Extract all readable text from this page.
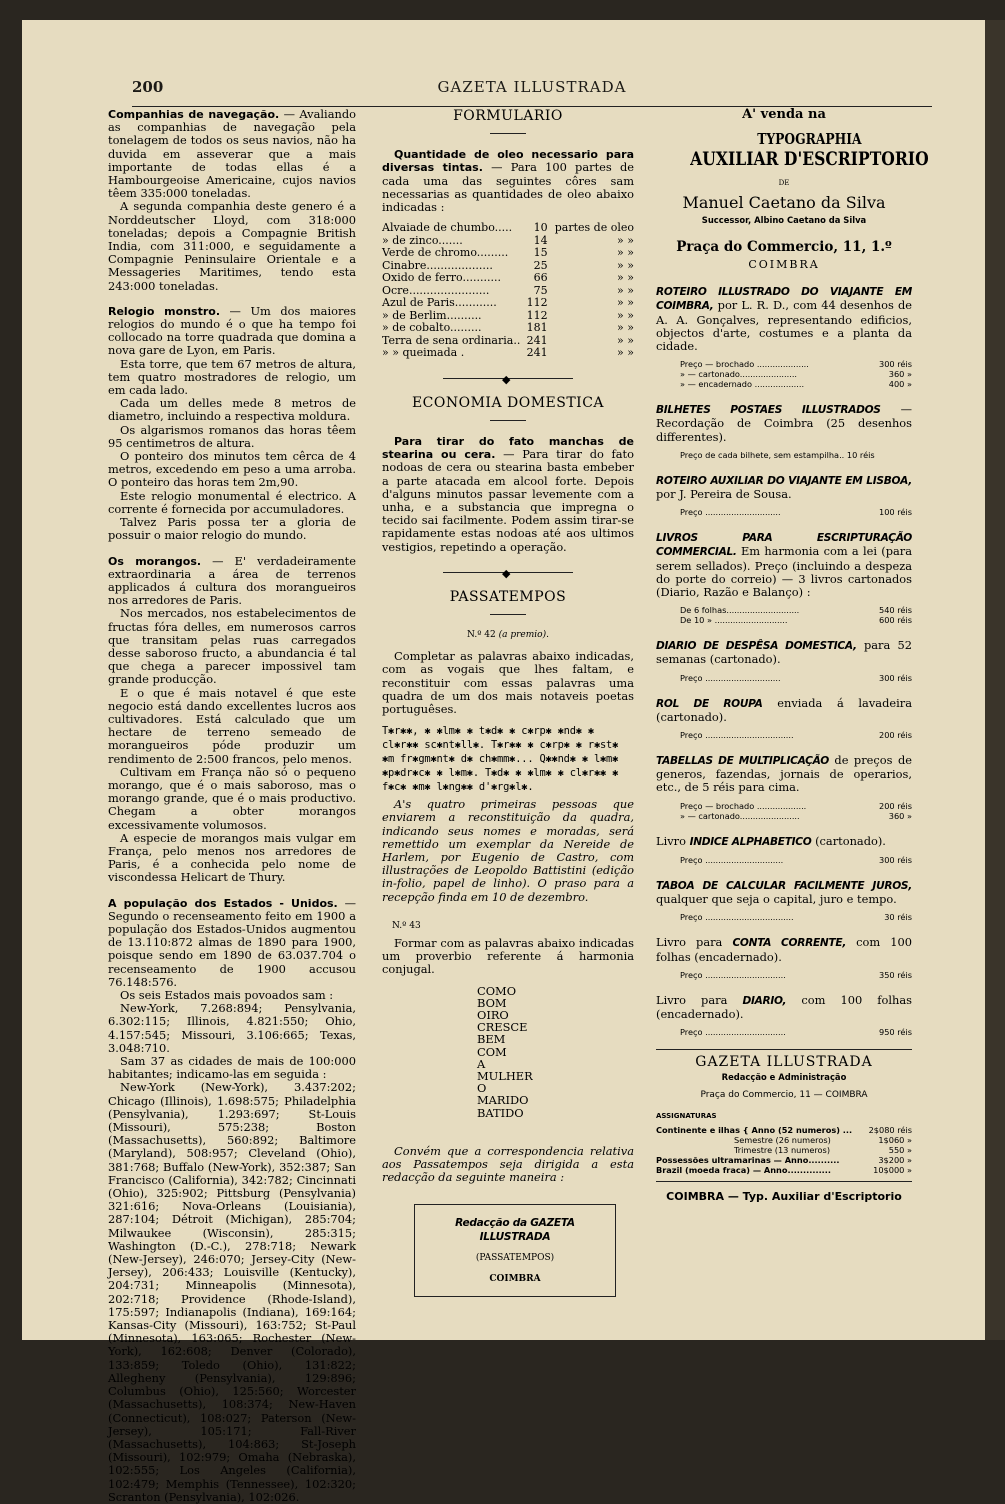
200	GAZETA ILLUSTRADA

Companhias de navegação. — Avaliando as companhias de navegação pela tonelagem de todos os seus navios, não ha duvida em asseverar que a mais importante de todas ellas é a Hambourgeoise Americaine, cujos navios têem 335:000 toneladas.

A segunda companhia deste genero é a Norddeutscher Lloyd, com 318:000 toneladas; depois a Compagnie British India, com 311:000, e seguidamente a Compagnie Peninsulaire Orientale e a Messageries Maritimes, tendo esta 243:000 toneladas.

Relogio monstro. — Um dos maiores relogios do mundo é o que ha tempo foi collocado na torre quadrada que domina a nova gare de Lyon, em Paris.

Esta torre, que tem 67 metros de altura, tem quatro mostradores de relogio, um em cada lado.

Cada um delles mede 8 metros de diametro, incluindo a respectiva moldura.

Os algarismos romanos das horas têem 95 centimetros de altura.

O ponteiro dos minutos tem cêrca de 4 metros, excedendo em peso a uma arroba. O ponteiro das horas tem 2m,90.

Este relogio monumental é electrico. A corrente é fornecida por accumuladores.

Talvez Paris possa ter a gloria de possuir o maior relogio do mundo.

Os morangos. — E' verdadeiramente extraordinaria a área de terrenos applicados á cultura dos morangueiros nos arredores de Paris.

Nos mercados, nos estabelecimentos de fructas fóra delles, em numerosos carros que transitam pelas ruas carregados desse saboroso fructo, a abundancia é tal que chega a parecer impossivel tam grande producção.

E o que é mais notavel é que este negocio está dando excellentes lucros aos cultivadores. Está calculado que um hectare de terreno semeado de morangueiros póde produzir um rendimento de 2:500 francos, pelo menos.

Cultivam em França não só o pequeno morango, que é o mais saboroso, mas o morango grande, que é o mais productivo. Chegam a obter morangos excessivamente volumosos.

A especie de morangos mais vulgar em França, pelo menos nos arredores de Paris, é a conhecida pelo nome de viscondessa Helicart de Thury.

A população dos Estados - Unidos. — Segundo o recenseamento feito em 1900 a população dos Estados-Unidos augmentou de 13.110:872 almas de 1890 para 1900, poisque sendo em 1890 de 63.037.704 o recenseamento de 1900 accusou 76.148:576.

Os seis Estados mais povoados sam :

New-York, 7.268:894; Pensylvania, 6.302:115; Illinois, 4.821:550; Ohio, 4.157:545; Missouri, 3.106:665; Texas, 3.048:710.

Sam 37 as cidades de mais de 100:000 habitantes; indicamo-las em seguida :

New-York (New-York), 3.437:202; Chicago (Illinois), 1.698:575; Philadelphia (Pensylvania), 1.293:697; St-Louis (Missouri), 575:238; Boston (Massachusetts), 560:892; Baltimore (Maryland), 508:957; Cleveland (Ohio), 381:768; Buffalo (New-York), 352:387; San Francisco (California), 342:782; Cincinnati (Ohio), 325:902; Pittsburg (Pensylvania) 321:616; Nova-Orleans (Louisiania), 287:104; Détroit (Michigan), 285:704; Milwaukee (Wisconsin), 285:315; Washington (D.-C.), 278:718; Newark (New-Jersey), 246:070; Jersey-City (New-Jersey), 206:433; Louisville (Kentucky), 204:731; Minneapolis (Minnesota), 202:718; Providence (Rhode-Island), 175:597; Indianapolis (Indiana), 169:164; Kansas-City (Missouri), 163:752; St-Paul (Minnesota), 163:065; Rochester (New-York), 162:608; Denver (Colorado), 133:859; Toledo (Ohio), 131:822; Allegheny (Pensylvania), 129:896; Columbus (Ohio), 125:560; Worcester (Massachusetts), 108:374; New-Haven (Connecticut), 108:027; Paterson (New-Jersey), 105:171; Fall-River (Massachusetts), 104:863; St-Joseph (Missouri), 102:979; Omaha (Nebraska), 102:555; Los Angeles (California), 102:479; Memphis (Tennessee), 102:320; Scranton (Pensylvania), 102:026.

FORMULARIO

Quantidade de oleo necessario para diversas tintas. — Para 100 partes de cada uma das seguintes côres sam necessarias as quantidades de oleo abaixo indicadas :

Alvaiade de chumbo.....	10	partes de oleo
» de zinco.......	14	» »
Verde de chromo.........	15	» »
Cinabre...................	25	» »
Oxido de ferro...........	66	» »
Ocre.......................	75	» »
Azul de Paris............	112	» »
» de Berlim..........	112	» »
» de cobalto.........	181	» »
Terra de sena ordinaria..	241	» »
» » queimada .	241	» »
◆
ECONOMIA DOMESTICA

Para tirar do fato manchas de stearina ou cera. — Para tirar do fato nodoas de cera ou stearina basta embeber a parte atacada em alcool forte. Depois d'alguns minutos passar levemente com a unha, e a substancia que impregna o tecido sai facilmente. Podem assim tirar-se rapidamente estas nodoas até aos ultimos vestigios, repetindo a operação.

◆
PASSATEMPOS

N.º 42 (a premio).

Completar as palavras abaixo indicadas, com as vogais que lhes faltam, e reconstituir com essas palavras uma quadra de um dos mais notaveis poetas portuguêses.

T✱r✱✱, ✱ ✱lm✱ ✱ t✱d✱ ✱ c✱rp✱ ✱nd✱ ✱ cl✱r✱✱ sc✱nt✱ll✱. T✱r✱✱ ✱ c✱rp✱ ✱ r✱st✱ ✱m fr✱gm✱nt✱ d✱ ch✱mm✱... Q✱✱nd✱ ✱ l✱m✱ ✱p✱dr✱c✱ ✱ l✱m✱. T✱d✱ ✱ ✱lm✱ ✱ cl✱r✱✱ ✱ f✱c✱ ✱m✱ l✱ng✱✱ d'✱rg✱l✱.

A's quatro primeiras pessoas que enviarem a reconstituição da quadra, indicando seus nomes e moradas, será remettido um exemplar da Nereide de Harlem, por Eugenio de Castro, com illustrações de Leopoldo Battistini (edição in-folio, papel de linho). O praso para a recepção finda em 10 de dezembro.

N.º 43

Formar com as palavras abaixo indicadas um proverbio referente á harmonia conjugal.

COMO
BOM
OIRO
CRESCE
BEM
COM
A
MULHER
O
MARIDO
BATIDO

Convém que a correspondencia relativa aos Passatempos seja dirigida a esta redacção da seguinte maneira :

Redacção da GAZETA ILLUSTRADA
(PASSATEMPOS)
COIMBRA
A' venda na
TYPOGRAPHIA
AUXILIAR D'ESCRIPTORIO
DE
Manuel Caetano da Silva
Successor, Albino Caetano da Silva
Praça do Commercio, 11, 1.º
COIMBRA

ROTEIRO ILLUSTRADO DO VIAJANTE EM COIMBRA, por L. R. D., com 44 desenhos de A. A. Gonçalves, representando edificios, objectos d'arte, costumes e a planta da cidade.

Preço — brochado ....................	300 réis
» — cartonado......................	360 »
» — encadernado ...................	400 »

BILHETES POSTAES ILLUSTRADOS —Recordação de Coimbra (25 desenhos differentes).

Preço de cada bilhete, sem estampilha.. 10 réis

ROTEIRO AUXILIAR DO VIAJANTE EM LISBOA, por J. Pereira de Sousa.

Preço .............................	100 réis

LIVROS PARA ESCRIPTURAÇÃO COMMERCIAL. Em harmonia com a lei (para serem sellados). Preço (incluindo a despeza do porte do correio) — 3 livros cartonados (Diario, Razão e Balanço) :

De 6 folhas............................	540 réis
De 10 » ............................	600 réis

DIARIO DE DESPÊSA DOMESTICA, para 52 semanas (cartonado).

Preço .............................	300 réis

ROL DE ROUPA enviada á lavadeira (cartonado).

Preço ..................................	200 réis

TABELLAS DE MULTIPLICAÇÃO de preços de generos, fazendas, jornais de operarios, etc., de 5 réis para cima.

Preço — brochado ...................	200 réis
» — cartonado.......................	360 »

Livro INDICE ALPHABETICO (cartonado).

Preço ..............................	300 réis

TABOA DE CALCULAR FACILMENTE JUROS, qualquer que seja o capital, juro e tempo.

Preço ..................................	30 réis

Livro para CONTA CORRENTE, com 100 folhas (encadernado).

Preço ...............................	350 réis

Livro para DIARIO, com 100 folhas (encadernado).

Preço ...............................	950 réis
GAZETA ILLUSTRADA
Redacção e Administração
Praça do Commercio, 11 — COIMBRA
ASSIGNATURAS
Continente e ilhas { Anno (52 numeros) ... 2$080 réis
Semestre (26 numeros)	1$060 »
Trimestre (13 numeros)	550 »
Possessões ultramarinas — Anno..........	3$200 »
Brazil (moeda fraca) — Anno..............	10$000 »
COIMBRA — Typ. Auxiliar d'Escriptorio
